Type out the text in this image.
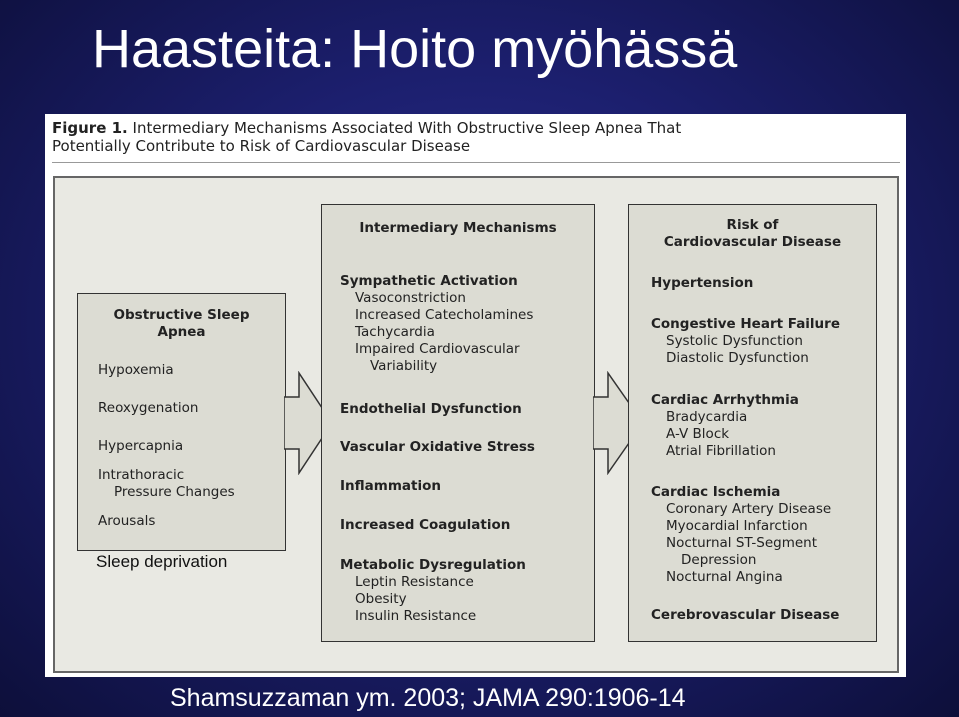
Haasteita: Hoito myöhässä
Figure 1. Intermediary Mechanisms Associated With Obstructive Sleep Apnea That
Potentially Contribute to Risk of Cardiovascular Disease
Obstructive Sleep
Apnea
Hypoxemia
Reoxygenation
Hypercapnia
Intrathoracic
Pressure Changes
Arousals
Intermediary Mechanisms
Sympathetic Activation
Vasoconstriction
Increased Catecholamines
Tachycardia
Impaired Cardiovascular
Variability
Endothelial Dysfunction
Vascular Oxidative Stress
Inflammation
Increased Coagulation
Metabolic Dysregulation
Leptin Resistance
Obesity
Insulin Resistance
Risk of
Cardiovascular Disease
Hypertension
Congestive Heart Failure
Systolic Dysfunction
Diastolic Dysfunction
Cardiac Arrhythmia
Bradycardia
A-V Block
Atrial Fibrillation
Cardiac Ischemia
Coronary Artery Disease
Myocardial Infarction
Nocturnal ST-Segment
Depression
Nocturnal Angina
Cerebrovascular Disease
Sleep deprivation
Shamsuzzaman ym. 2003; JAMA 290:1906-14
